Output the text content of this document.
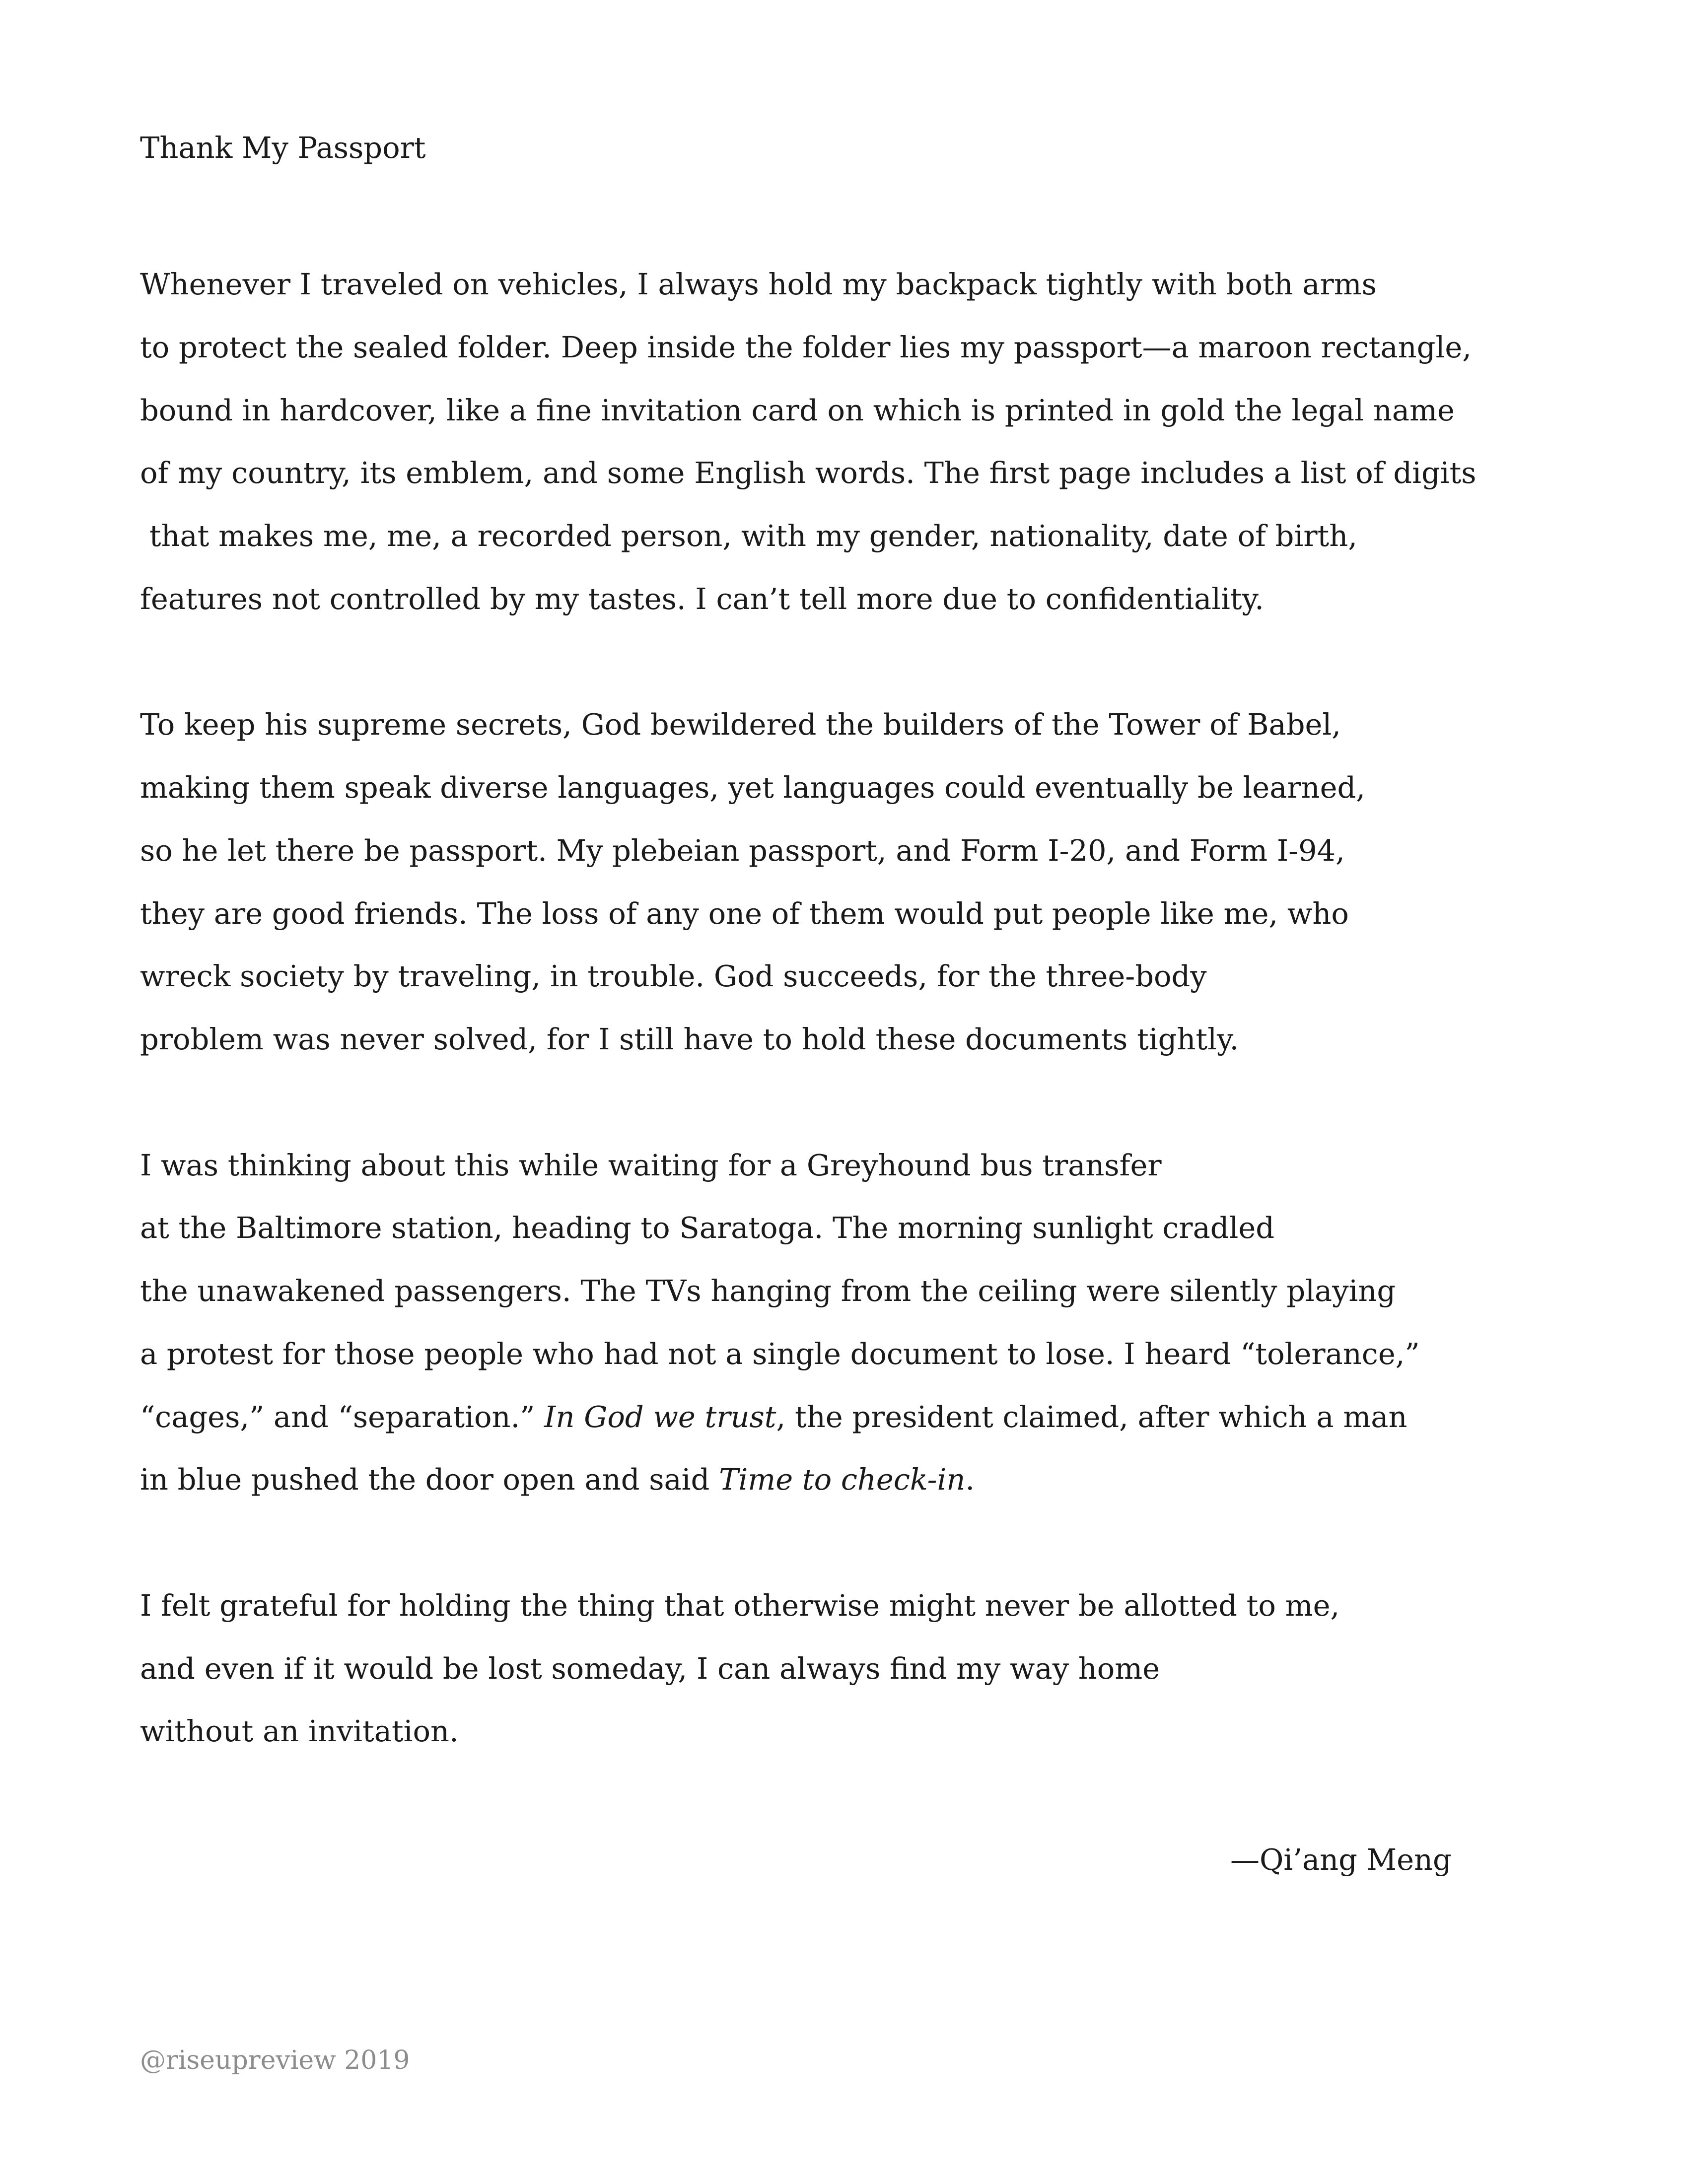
Thank My Passport
Whenever I traveled on vehicles, I always hold my backpack tightly with both arms
to protect the sealed folder. Deep inside the folder lies my passport—a maroon rectangle,
bound in hardcover, like a fine invitation card on which is printed in gold the legal name
of my country, its emblem, and some English words. The first page includes a list of digits
that makes me, me, a recorded person, with my gender, nationality, date of birth,
features not controlled by my tastes. I can’t tell more due to confidentiality.
To keep his supreme secrets, God bewildered the builders of the Tower of Babel,
making them speak diverse languages, yet languages could eventually be learned,
so he let there be passport. My plebeian passport, and Form I-20, and Form I-94,
they are good friends. The loss of any one of them would put people like me, who
wreck society by traveling, in trouble. God succeeds, for the three-body
problem was never solved, for I still have to hold these documents tightly.
I was thinking about this while waiting for a Greyhound bus transfer
at the Baltimore station, heading to Saratoga. The morning sunlight cradled
the unawakened passengers. The TVs hanging from the ceiling were silently playing
a protest for those people who had not a single document to lose. I heard “tolerance,”
“cages,” and “separation.” In God we trust, the president claimed, after which a man
in blue pushed the door open and said Time to check-in.
I felt grateful for holding the thing that otherwise might never be allotted to me,
and even if it would be lost someday, I can always find my way home
without an invitation.
—Qi’ang Meng
@riseupreview 2019
